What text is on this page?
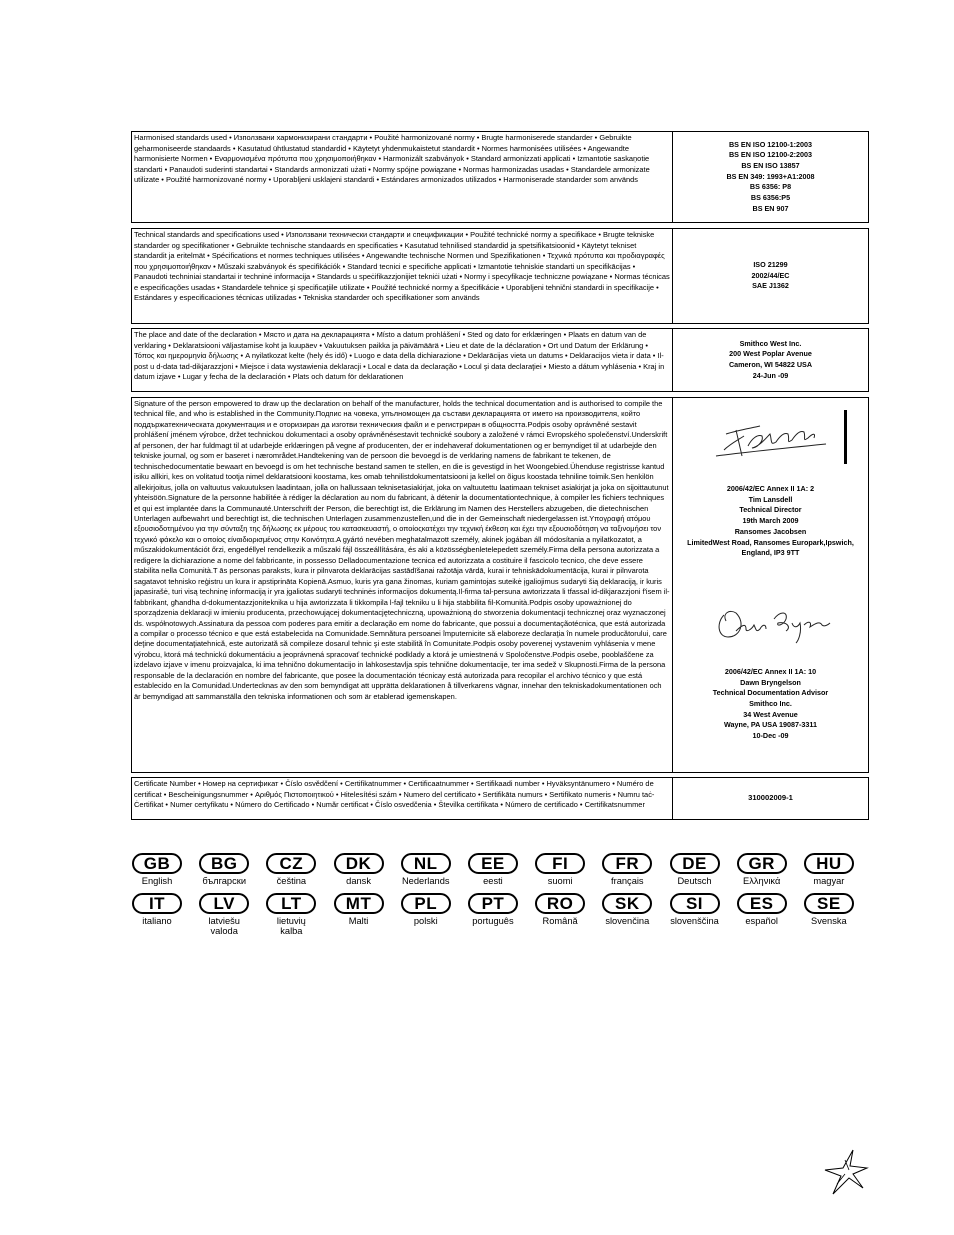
Harmonised standards used • Използвани хармонизирани стандарти • Použité harmonizované normy • Brugte harmoniserede standarder • Gebruikte geharmoniseerde standaards • Kasutatud ühtlustatud standardid • Käytetyt yhdenmukaistetut standardit • Normes harmonisées utilisées • Angewandte harmonisierte Normen • Εναρμονισμένα πρότυπα που χρησιμοποιήθηκαν • Harmonizált szabványok • Standard armonizzati applicati • Izmantotie saskaņotie standarti • Panaudoti suderinti standartai • Standards armonizzati użati • Normy spójne powiązane • Normas harmonizadas usadas • Standardele armonizate utilizate • Použité harmonizované normy • Uporabljeni usklajeni standardi • Estándares armonizados utilizados • Harmoniserade standarder som används
BS EN ISO 12100-1:2003
BS EN ISO 12100-2:2003
BS EN ISO 13857
BS EN 349: 1993+A1:2008
BS 6356: P8
BS 6356:P5
BS EN 907
Technical standards and specifications used • Използвани технически стандарти и спецификации • Použité technické normy a specifikace • Brugte tekniske standarder og specifikationer • Gebruikte technische standaards en specificaties • Kasutatud tehnilised standardid ja spetsifikatsioonid • Käytetyt tekniset standardit ja eritelmät • Spécifications et normes techniques utilisées • Angewandte technische Normen und Spezifikationen • Τεχνικά πρότυπα και προδιαγραφές που χρησιμοποιήθηκαν • Műszaki szabványok és specifikációk • Standard tecnici e specifiche applicati • Izmantotie tehniskie standarti un specifikācijas • Panaudoti techniniai standartai ir techninė informacija • Standards u speċifikazzjonijiet tekniċi użati • Normy i specyfikacje techniczne powiązane • Normas técnicas e especificações usadas • Standardele tehnice şi specificaţiile utilizate • Použité technické normy a špecifikácie • Uporabljeni tehnični standardi in specifikacije • Estándares y especificaciones técnicas utilizadas • Tekniska standarder och specifikationer som används
ISO 21299
2002/44/EC
SAE J1362
The place and date of the declaration • Място и дата на декларацията • Místo a datum prohlášení • Sted og dato for erklæringen • Plaats en datum van de verklaring • Deklaratsiooni väljastamise koht ja kuupäev • Vakuutuksen paikka ja päivämäärä • Lieu et date de la déclaration • Ort und Datum der Erklärung • Τόπος και ημερομηνία δήλωσης • A nyilatkozat kelte (hely és idő) • Luogo e data della dichiarazione • Deklarācijas vieta un datums • Deklaracijos vieta ir data • Il-post u d-data tad-dikjarazzjoni • Miejsce i data wystawienia deklaracji • Local e data da declaração • Locul şi data declaraţiei • Miesto a dátum vyhlásenia • Kraj in datum izjave • Lugar y fecha de la declaración • Plats och datum för deklarationen
Smithco West Inc.
200 West Poplar Avenue
Cameron, WI 54822 USA
24-Jun -09
Signature of the person empowered to draw up the declaration on behalf of the manufacturer, holds the technical documentation and is authorised to compile the technical file, and who is established in the Community.Подпис на човека, упълномощен да състави декларацията от името на производителя, който поддържатехническата документация и е оторизиран да изготви техническия файл и е регистриран в общността.Podpis osoby oprávněné sestavit prohlášení jménem výrobce, držet technickou dokumentaci a osoby oprávněnésestavit technické soubory a založené v rámci Evropského společenství.Underskrift af personen, der har fuldmagt til at udarbejde erklæringen på vegne af producenten, der er indehaveraf dokumentationen og er bemyndiget til at udarbejde den tekniske journal, og som er baseret i nærområdet.Handtekening van de persoon die bevoegd is de verklaring namens de fabrikant te tekenen, de technischedocumentatie bewaart en bevoegd is om het technische bestand samen te stellen, en die is gevestigd in het Woongebied.Ühenduse registrisse kantud isiku allkiri, kes on volitatud tootja nimel deklaratsiooni koostama, kes omab tehnilistdokumentatsiooni ja kellel on õigus koostada tehniline toimik.Sen henkilön allekirjoitus, jolla on valtuutus vakuutuksen laadintaan, jolla on hallussaan teknisetasiakirjat, joka on valtuutettu laatimaan tekniset asiakirjat ja joka on sijoittautunut yhteisöön.Signature de la personne habilitée à rédiger la déclaration au nom du fabricant, à détenir la documentationtechnique, à compiler les fichiers techniques et qui est implantée dans la Communauté.Unterschrift der Person, die berechtigt ist, die Erklärung im Namen des Herstellers abzugeben, die dietechnischen Unterlagen aufbewahrt und berechtigt ist, die technischen Unterlagen zusammenzustellen,und die in der Gemeinschaft niedergelassen ist.Υπογραφή ατόμου εξουσιοδοτημένου για την σύνταξη της δήλωσης εκ μέρους του κατασκευαστή, ο οποίοςκατέχει την τεχνική έκθεση και έχει την εξουσιοδότηση να ταξινομήσει τον τεχνικό φάκελο και ο οποίος είναιδιορισμένος στην Κοινότητα.A gyártó nevében meghatalmazott személy, akinek jogában áll módosítania a nyilatkozatot, a műszakidokumentációt őrzi, engedéllyel rendelkezik a műszaki fájl összeállítására, és aki a közösségbenletelepedett személy.Firma della persona autorizzata a redigere la dichiarazione a nome del fabbricante, in possesso Delladocumentazione tecnica ed autorizzata a costituire il fascicolo tecnico, che deve essere stabilita nella Comunità.T ās personas paraksts, kura ir pilnvarota deklarācijas sastādīšanai ražotāja vārdā, kurai ir tehniskādokumentācija, kurai ir pilnvarota sagatavot tehnisko reģistru un kura ir apstiprināta Kopienā.Asmuo, kuris yra gana žinomas, kuriam gamintojas suteikė įgaliojimus sudaryti šią deklaraciją, ir kuris japasirašė, turi visą techninę informaciją ir yra įgaliotas sudaryti techninės informacijos dokumentą.Il-firma tal-persuna awtorizzata li tfassal id-dikjarazzjoni f'isem il-fabbrikant, għandha d-dokumentazzjoniteknika u hija awtorizzata li tikkompila l-fajl tekniku u li hija stabbilita fil-Komunità.Podpis osoby upoważnionej do sporządzenia deklaracji w imieniu producenta, przechowującej dokumentacjętechniczną, upoważnioną do stworzenia dokumentacji technicznej oraz wyznaczonej ds. współnotowych.Assinatura da pessoa com poderes para emitir a declaração em nome do fabricante, que possui a documentaçãotécnica, que está autorizada a compilar o processo técnico e que está estabelecida na Comunidade.Semnătura persoanei împuternicite să elaboreze declaraţia în numele producătorului, care deţine documentaţiatehnică, este autorizată să compileze dosarul tehnic şi este stabilită în Comunitate.Podpis osoby poverenej vystavenim vyhlásenia v mene výrobcu, ktorá má technickú dokumentáciu a jeoprávnená spracovať technické podklady a ktorá je umiestnená v Spoločenstve.Podpis osebe, pooblaščene za izdelavo izjave v imenu proizvajalca, ki ima tehnično dokumentacijo in lahkosestavlja spis tehnične dokumentacije, ter ima sedež v Skupnosti.Firma de la persona responsable de la declaración en nombre del fabricante, que posee la documentación técnicay está autorizada para recopilar el archivo técnico y que está establecido en la Comunidad.Undertecknas av den som bemyndigat att upprätta deklarationen å tillverkarens vägnar, innehar den tekniskadokumentationen och är bemyndigad att sammanställa den tekniska informationen och som är etablerad igemenskapen.
2006/42/EC Annex II 1A: 2
Tim Lansdell
Technical Director
19th March 2009
Ransomes Jacobsen
LimitedWest Road, Ransomes Europark,Ipswich,
England, IP3 9TT
2006/42/EC Annex II 1A: 10
Dawn Bryngelson
Technical Documentation Advisor
Smithco Inc.
34 West Avenue
Wayne, PA USA 19087-3311
10-Dec -09
Certificate Number • Номер на сертификат • Číslo osvědčení • Certifikatnummer • Certificaatnummer • Sertifikaadi number • Hyväksyntänumero • Numéro de certificat • Bescheinigungsnummer • Αριθμός Πιστοποιητικού • Hitelesítési szám • Numero del certificato • Sertifikāta numurs • Sertifikato numeris • Numru taċ-Ċertifikat • Numer certyfikatu • Número do Certificado • Număr certificat • Číslo osvedčenia • Številka certifikata • Número de certificado • Certifikatsnummer
310002009-1
GB
English
BG
български
CZ
čeština
DK
dansk
NL
Nederlands
EE
eesti
FI
suomi
FR
français
DE
Deutsch
GR
Ελληνικά
HU
magyar
IT
italiano
LV
latviešu valoda
LT
lietuvių kalba
MT
Malti
PL
polski
PT
português
RO
Română
SK
slovenčina
SI
slovenščina
ES
español
SE
Svenska
